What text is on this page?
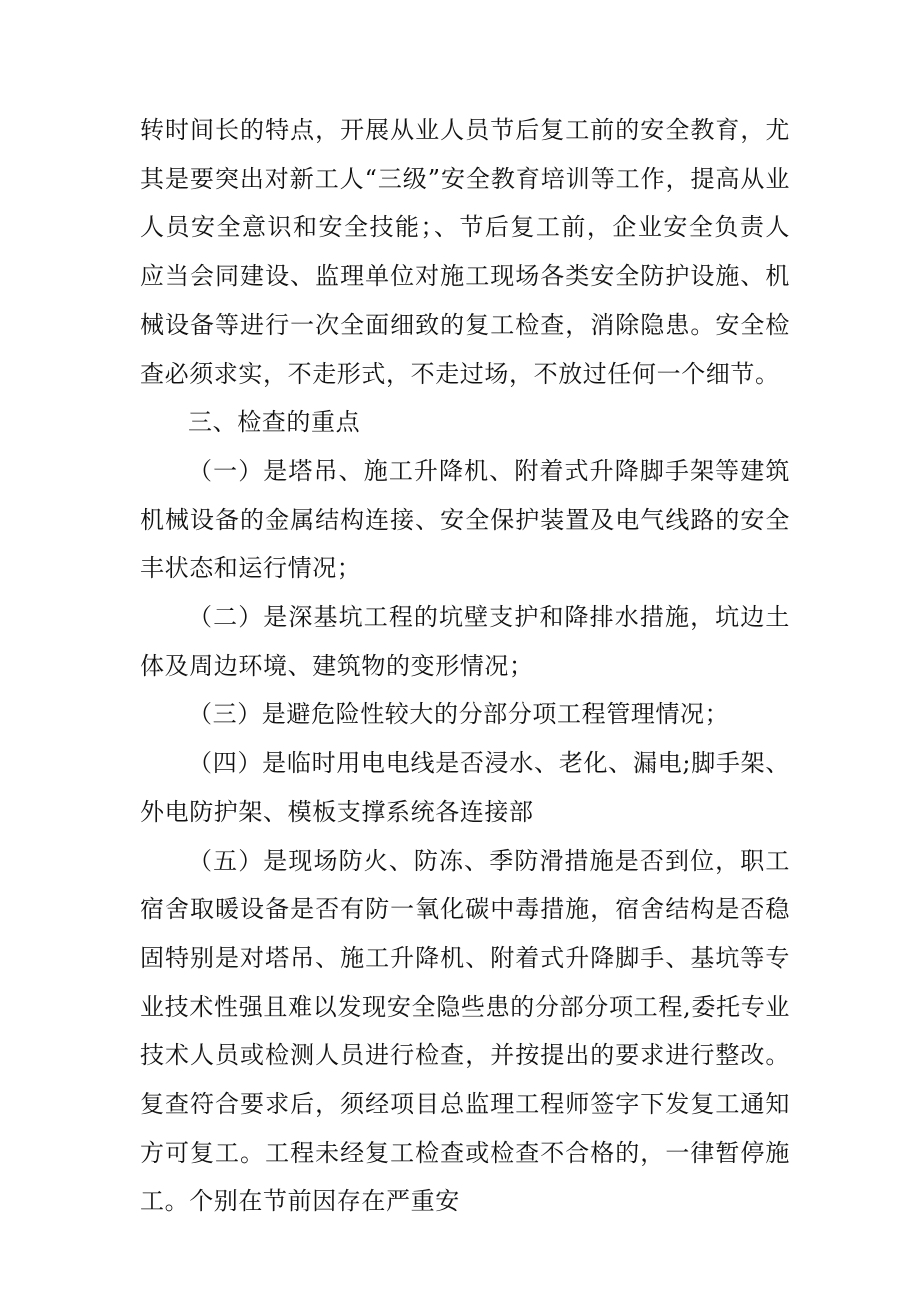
转时间长的特点，开展从业人员节后复工前的安全教育，尤其是要突出对新工人“三级”安全教育培训等工作，提高从业人员安全意识和安全技能；、节后复工前，企业安全负责人应当会同建设、监理单位对施工现场各类安全防护设施、机械设备等进行一次全面细致的复工检查，消除隐患。安全检查必须求实，不走形式，不走过场，不放过任何一个细节。

三、检查的重点

（一）是塔吊、施工升降机、附着式升降脚手架等建筑机械设备的金属结构连接、安全保护装置及电气线路的安全丰状态和运行情况；

（二）是深基坑工程的坑壁支护和降排水措施，坑边土体及周边环境、建筑物的变形情况；

（三）是避危险性较大的分部分项工程管理情况；

（四）是临时用电电线是否浸水、老化、漏电;脚手架、外电防护架、模板支撑系统各连接部

（五）是现场防火、防冻、季防滑措施是否到位，职工宿舍取暖设备是否有防一氧化碳中毒措施，宿舍结构是否稳固特别是对塔吊、施工升降机、附着式升降脚手、基坑等专业技术性强且难以发现安全隐些患的分部分项工程,委托专业技术人员或检测人员进行检查，并按提出的要求进行整改。复查符合要求后，须经项目总监理工程师签字下发复工通知方可复工。工程未经复工检查或检查不合格的，一律暂停施工。个别在节前因存在严重安
